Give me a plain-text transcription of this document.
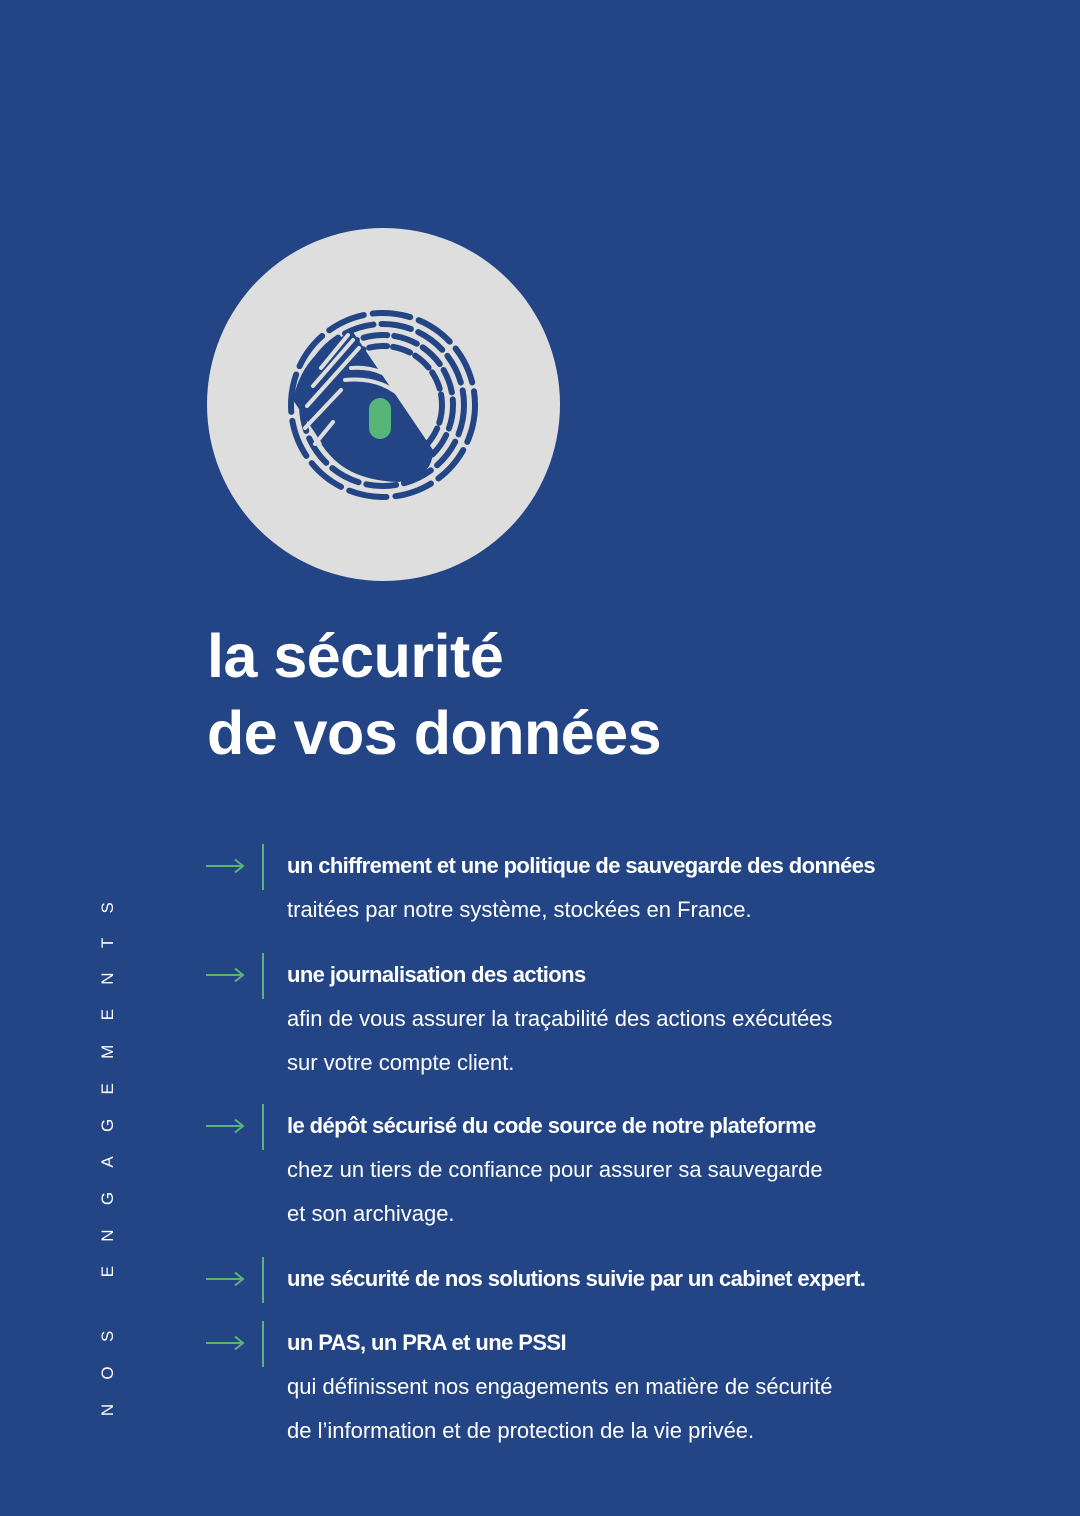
la sécurité
de vos données
NOS ENGAGEMENTS
un chiffrement et une politique de sauvegarde des données
traitées par notre système, stockées en France.
une journalisation des actions
afin de vous assurer la traçabilité des actions exécutées
sur votre compte client.
le dépôt sécurisé du code source de notre plateforme
chez un tiers de confiance pour assurer sa sauvegarde
et son archivage.
une sécurité de nos solutions suivie par un cabinet expert.
un PAS, un PRA et une PSSI
qui définissent nos engagements en matière de sécurité
de l’information et de protection de la vie privée.
